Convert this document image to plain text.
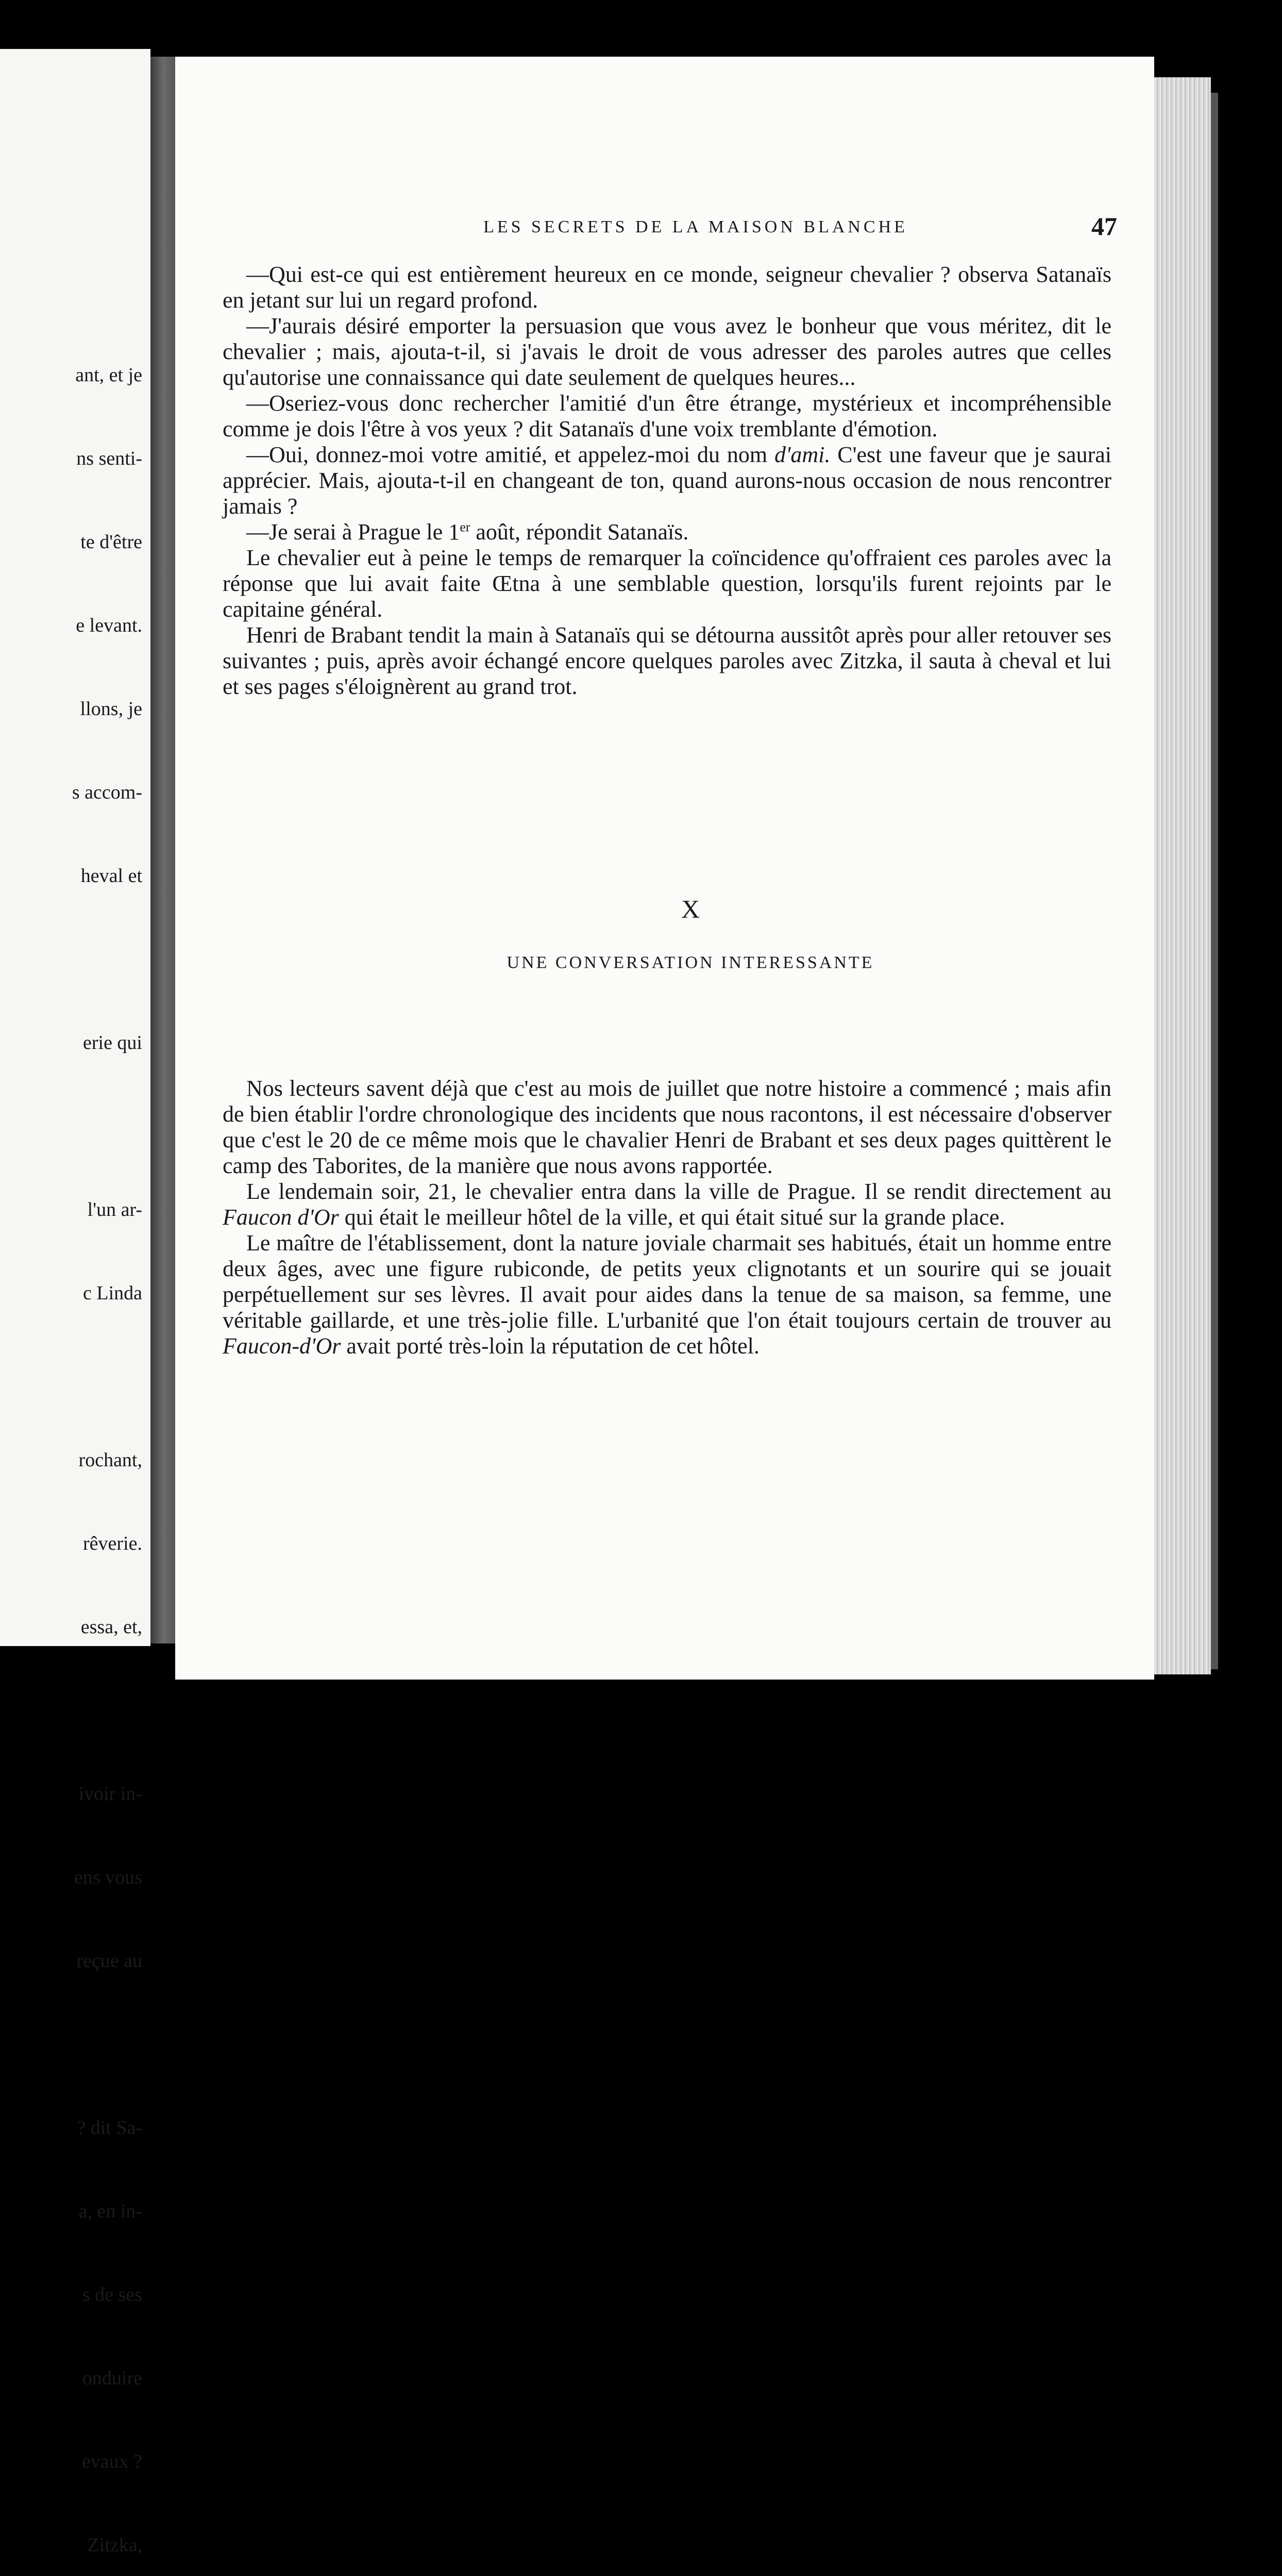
ant, et je

ns senti-

te d'être

e levant.

llons, je

s accom-

heval et

erie qui

l'un ar-

c Linda

rochant,

rêverie.

essa, et,

ivoir in-

ens vous

reçue au

? dit Sa-

a, en in-

s de ses

onduire

evaux ?

Zitzka,

LES SECRETS DE LA MAISON BLANCHE	47

—Qui est-ce qui est entièrement heureux en ce monde, seigneur chevalier ? observa Satanaïs en jetant sur lui un regard profond.

—J'aurais désiré emporter la persuasion que vous avez le bonheur que vous méritez, dit le chevalier ; mais, ajouta-t-il, si j'avais le droit de vous adresser des paroles autres que celles qu'autorise une connaissance qui date seulement de quelques heures...

—Oseriez-vous donc rechercher l'amitié d'un être étrange, mystérieux et incompréhensible comme je dois l'être à vos yeux ? dit Satanaïs d'une voix tremblante d'émotion.

—Oui, donnez-moi votre amitié, et appelez-moi du nom d'ami. C'est une faveur que je saurai apprécier. Mais, ajouta-t-il en changeant de ton, quand aurons-nous occasion de nous rencontrer jamais ?

—Je serai à Prague le 1er août, répondit Satanaïs.

Le chevalier eut à peine le temps de remarquer la coïncidence qu'offraient ces paroles avec la réponse que lui avait faite Œtna à une semblable question, lorsqu'ils furent rejoints par le capitaine général.

Henri de Brabant tendit la main à Satanaïs qui se détourna aussitôt après pour aller retouver ses suivantes ; puis, après avoir échangé encore quelques paroles avec Zitzka, il sauta à cheval et lui et ses pages s'éloignèrent au grand trot.

X
UNE CONVERSATION INTERESSANTE

Nos lecteurs savent déjà que c'est au mois de juillet que notre histoire a commencé ; mais afin de bien établir l'ordre chronologique des incidents que nous racontons, il est nécessaire d'observer que c'est le 20 de ce même mois que le chavalier Henri de Brabant et ses deux pages quittèrent le camp des Taborites, de la manière que nous avons rapportée.

Le lendemain soir, 21, le chevalier entra dans la ville de Prague. Il se rendit directement au Faucon d'Or qui était le meilleur hôtel de la ville, et qui était situé sur la grande place.

Le maître de l'établissement, dont la nature joviale charmait ses habitués, était un homme entre deux âges, avec une figure rubiconde, de petits yeux clignotants et un sourire qui se jouait perpétuellement sur ses lèvres. Il avait pour aides dans la tenue de sa maison, sa femme, une véritable gaillarde, et une très-jolie fille. L'urbanité que l'on était toujours certain de trouver au Faucon-d'Or avait porté très-loin la réputation de cet hôtel.
